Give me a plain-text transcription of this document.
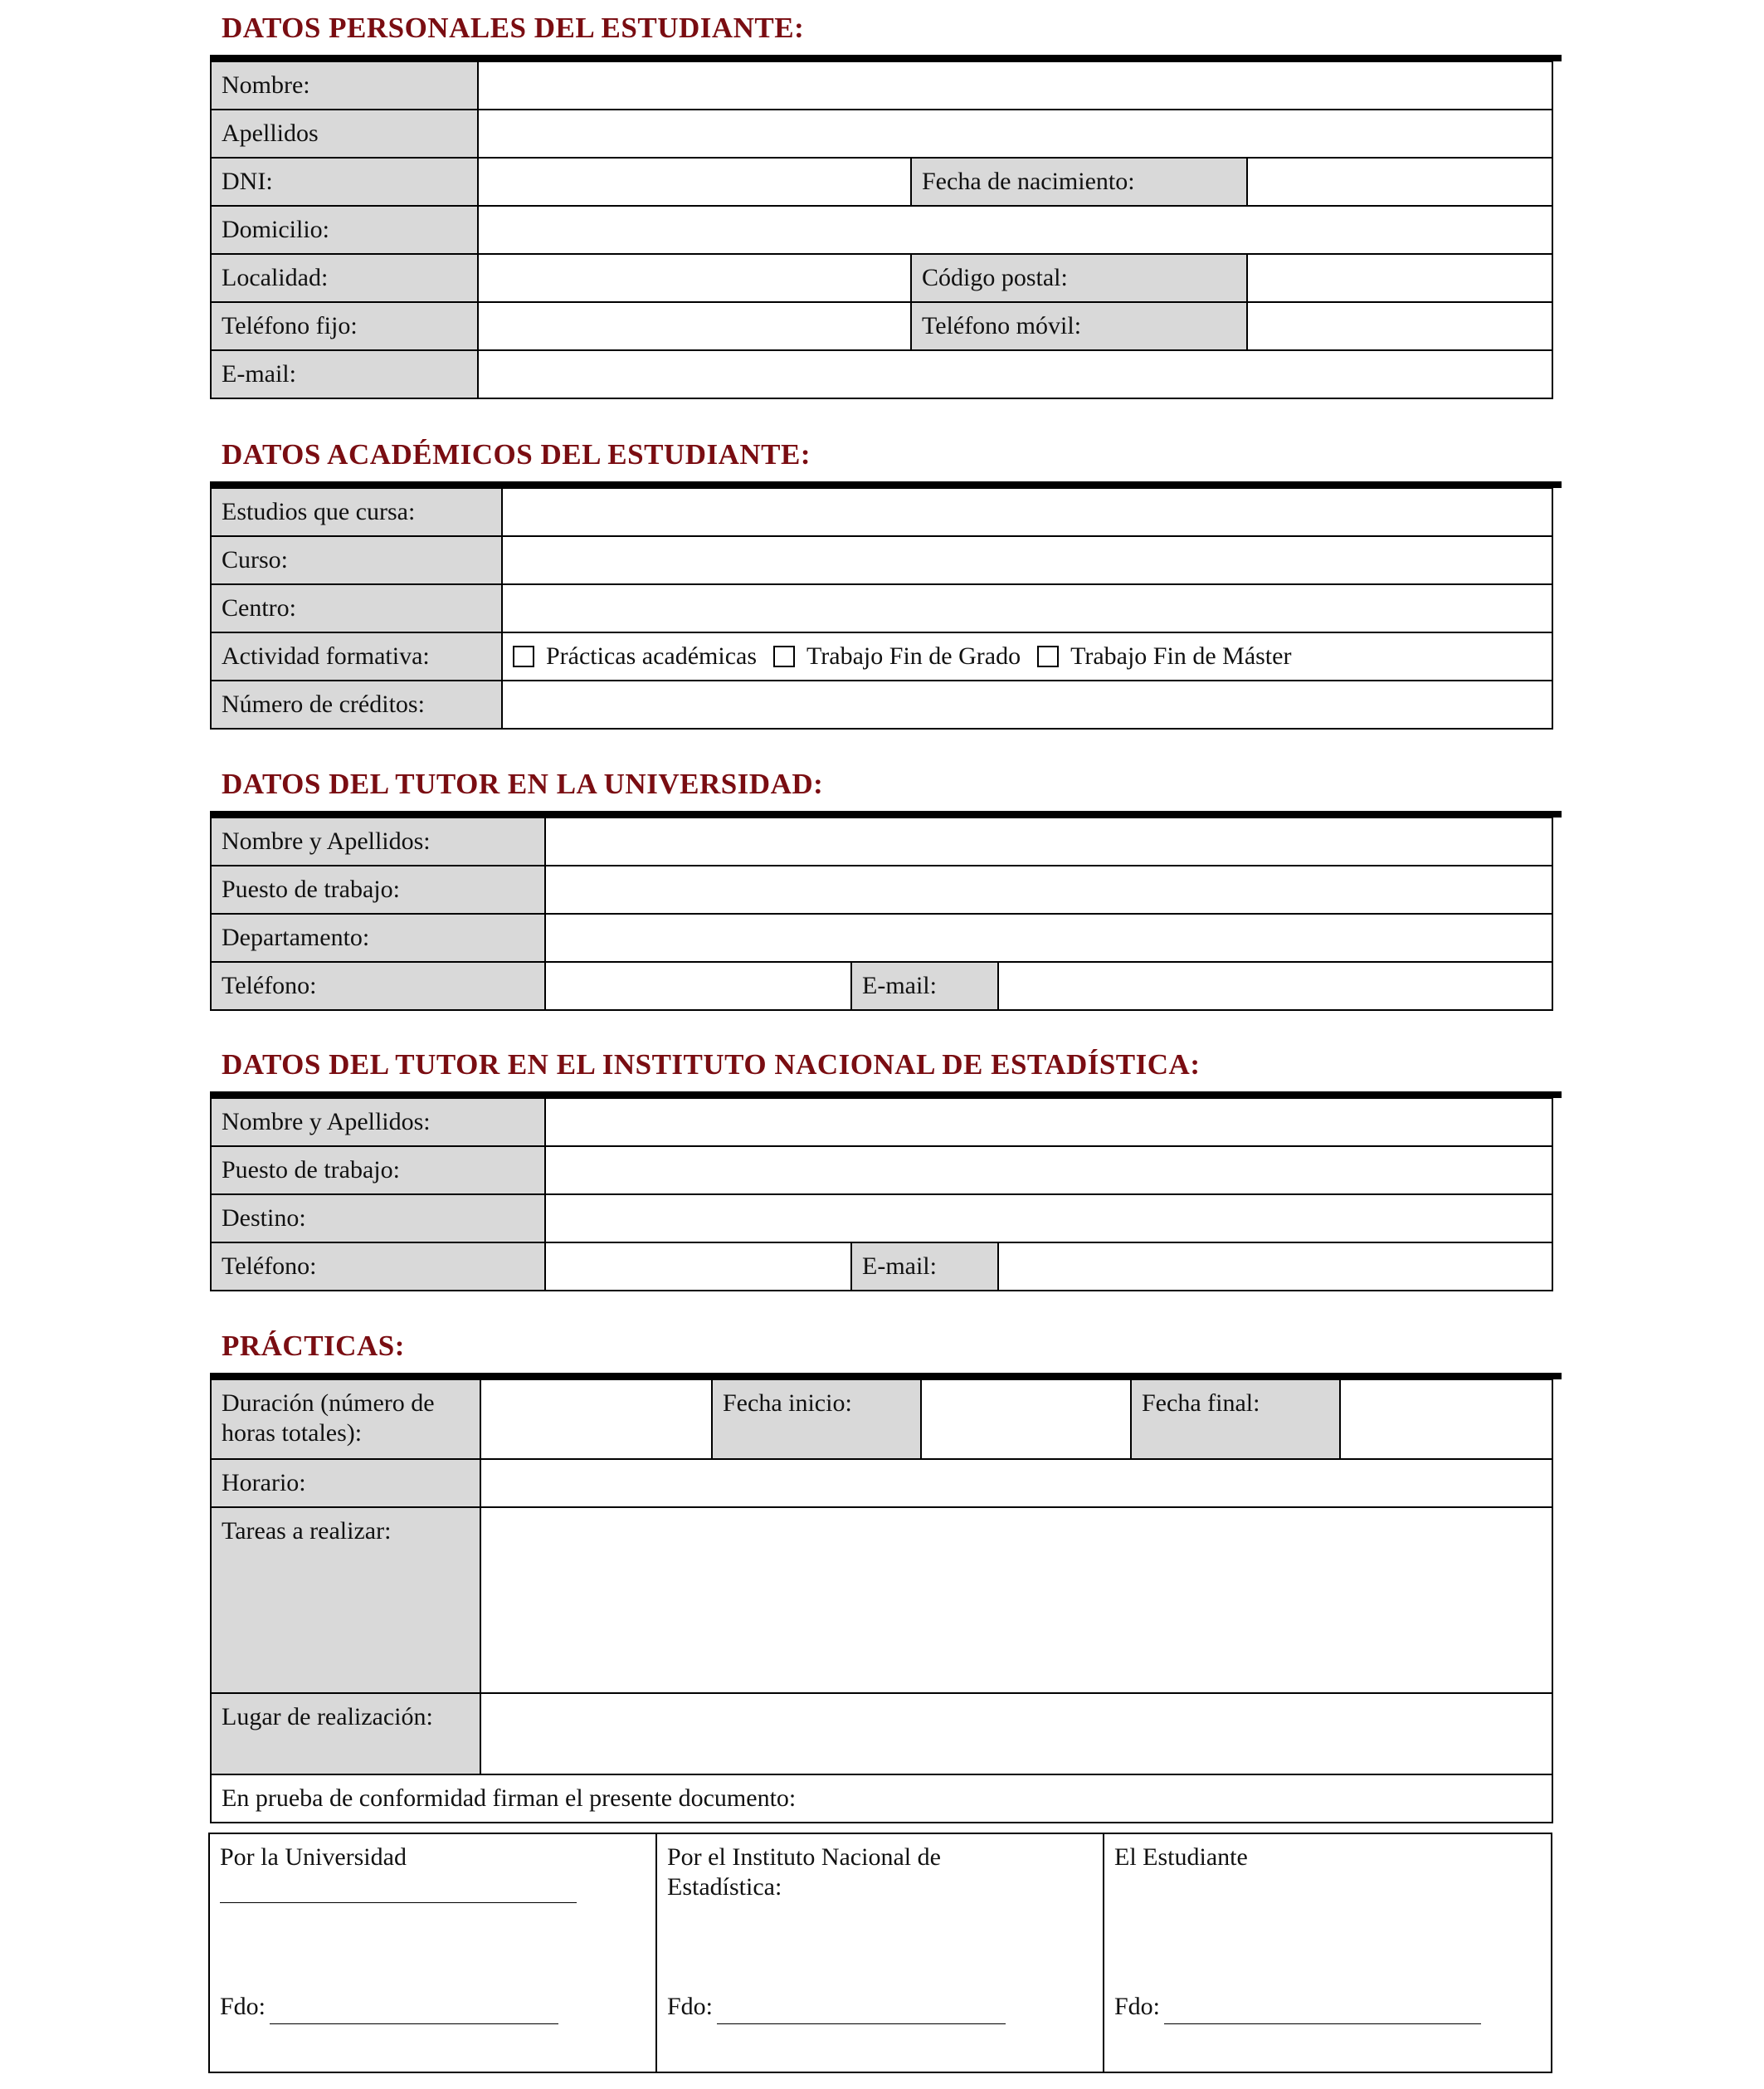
DATOS PERSONALES DEL ESTUDIANTE:
Nombre:			
Apellidos			
DNI:		Fecha de nacimiento:	
Domicilio:			
Localidad:		Código postal:	
Teléfono fijo:		Teléfono móvil:	
E-mail:			
DATOS ACADÉMICOS DEL ESTUDIANTE:
Estudios que cursa:	
Curso:	
Centro:	
Actividad formativa:	Prácticas académicas Trabajo Fin de Grado Trabajo Fin de Máster

Número de créditos:	
DATOS DEL TUTOR EN LA UNIVERSIDAD:
Nombre y Apellidos:			
Puesto de trabajo:			
Departamento:			
Teléfono:		E-mail:	
DATOS DEL TUTOR EN EL INSTITUTO NACIONAL DE ESTADÍSTICA:
Nombre y Apellidos:			
Puesto de trabajo:			
Destino:			
Teléfono:		E-mail:	
PRÁCTICAS:
Duración (número de horas totales):		Fecha inicio:		Fecha final:	
Horario:					
Tareas a realizar:					
Lugar de realización:					
En prueba de conformidad firman el presente documento:					
Por la Universidad
Fdo:

Por el Instituto Nacional de Estadística:
Fdo:

El Estudiante
Fdo:
